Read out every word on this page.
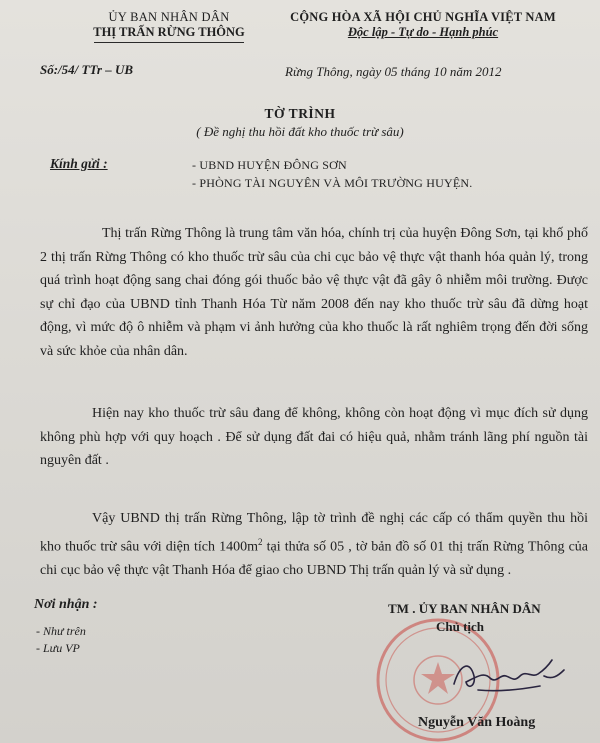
ỦY BAN NHÂN DÂN
THỊ TRẤN RỪNG THÔNG
CỘNG HÒA XÃ HỘI CHỦ NGHĨA VIỆT NAM
Độc lập - Tự do - Hạnh phúc
Số:/54/ TTr – UB	Rừng Thông, ngày 05 tháng 10 năm 2012
TỜ TRÌNH
( Đề nghị thu hồi đất kho thuốc trừ sâu)
Kính gửi :	- UBND HUYỆN ĐÔNG SƠN
- PHÒNG TÀI NGUYÊN VÀ MÔI TRƯỜNG HUYỆN.

Thị trấn Rừng Thông là trung tâm văn hóa, chính trị của huyện Đông Sơn, tại khố phố 2 thị trấn Rừng Thông có kho thuốc trừ sâu của chi cục bảo vệ thực vật thanh hóa quản lý, trong quá trình hoạt động sang chai đóng gói thuốc bảo vệ thực vật đã gây ô nhiễm môi trường. Được sự chỉ đạo của UBND tỉnh Thanh Hóa Từ năm 2008 đến nay kho thuốc trừ sâu đã dừng hoạt động, vì mức độ ô nhiễm và phạm vi ảnh hưởng của kho thuốc là rất nghiêm trọng đến đời sống và sức khỏe của nhân dân.

Hiện nay kho thuốc trừ sâu đang để không, không còn hoạt động vì mục đích sử dụng không phù hợp với quy hoạch . Để sử dụng đất đai có hiệu quả, nhằm tránh lãng phí nguồn tài nguyên đất .

Vậy UBND thị trấn Rừng Thông, lập tờ trình đề nghị các cấp có thẩm quyền thu hồi kho thuốc trừ sâu với diện tích $1400m^2$ tại thửa số 05 , tờ bản đồ số 01 thị trấn Rừng Thông của chi cục bảo vệ thực vật Thanh Hóa để giao cho UBND Thị trấn quản lý và sử dụng .

Nơi nhận :
- Như trên
- Lưu VP
TM . ỦY BAN NHÂN DÂN
Chủ tịch
Nguyễn Văn Hoàng
